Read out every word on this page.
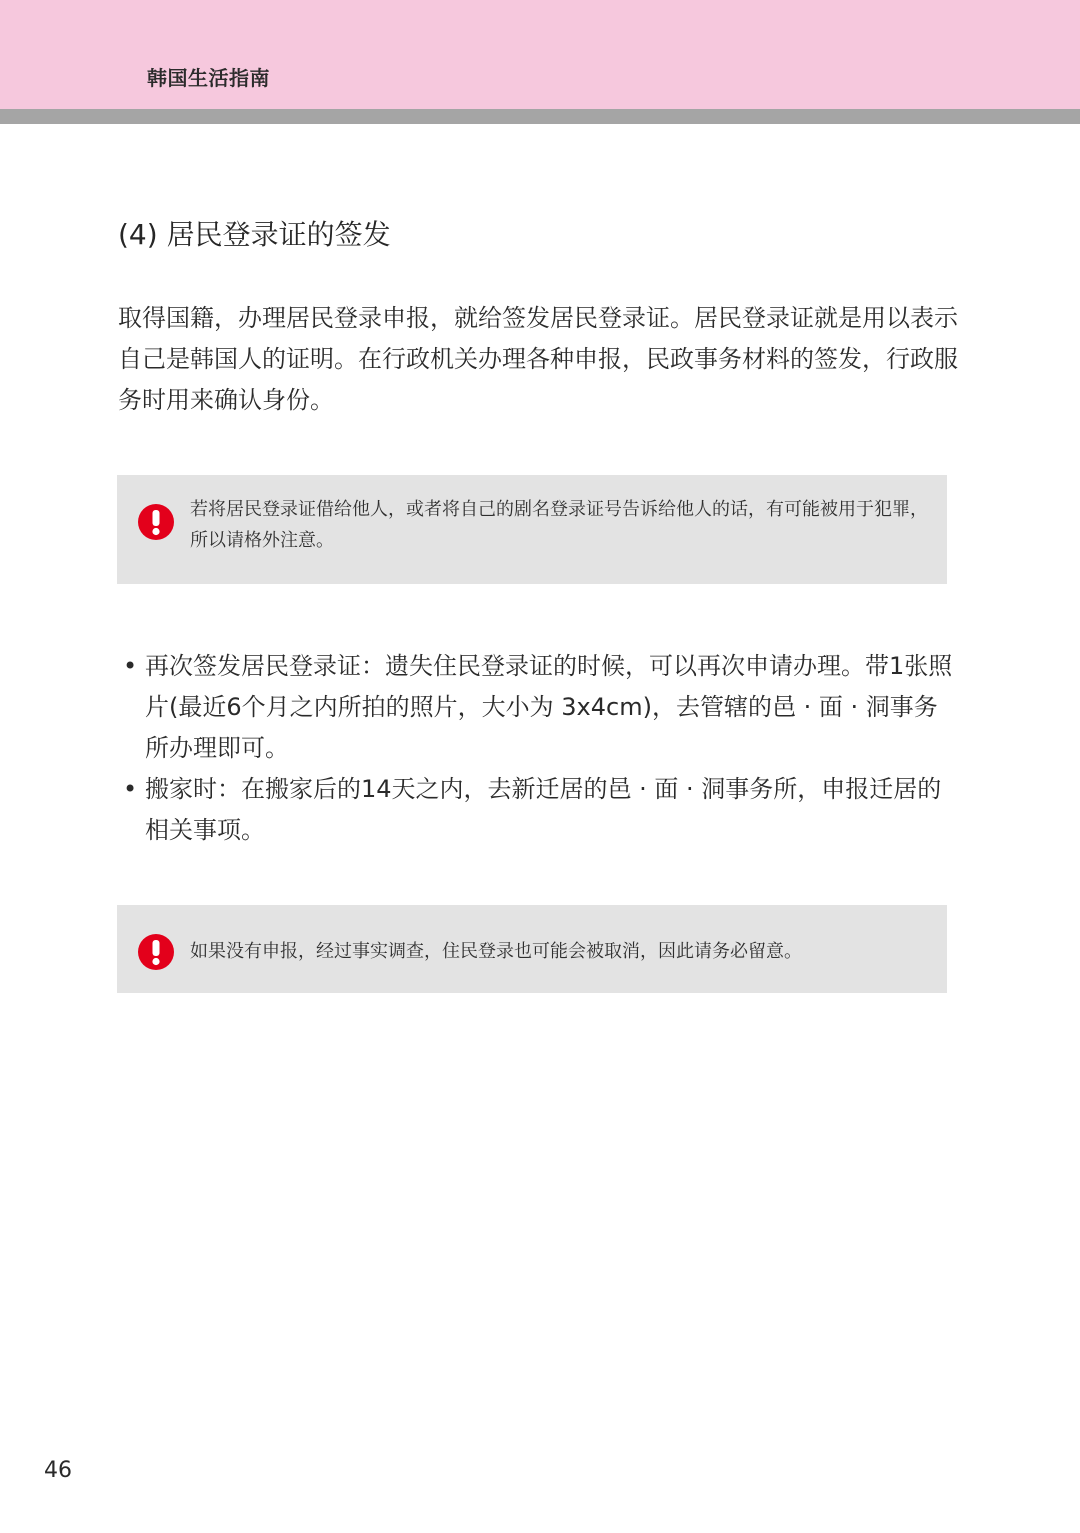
韩国生活指南
(4) 居民登录证的签发

取得国籍，办理居民登录申报，就给签发居民登录证。居民登录证就是用以表示自己是韩国人的证明。在行政机关办理各种申报，民政事务材料的签发，行政服务时用来确认身份。

若将居民登录证借给他人，或者将自己的剧名登录证号告诉给他人的话，有可能被用于犯罪，所以请格外注意。

• 再次签发居民登录证：遗失住民登录证的时候，可以再次申请办理。带1张照片(最近6个月之内所拍的照片，大小为 3x4cm)，去管辖的邑 · 面 · 洞事务所办理即可。
• 搬家时：在搬家后的14天之内，去新迁居的邑 · 面 · 洞事务所，申报迁居的相关事项。

如果没有申报，经过事实调查，住民登录也可能会被取消，因此请务必留意。

46
